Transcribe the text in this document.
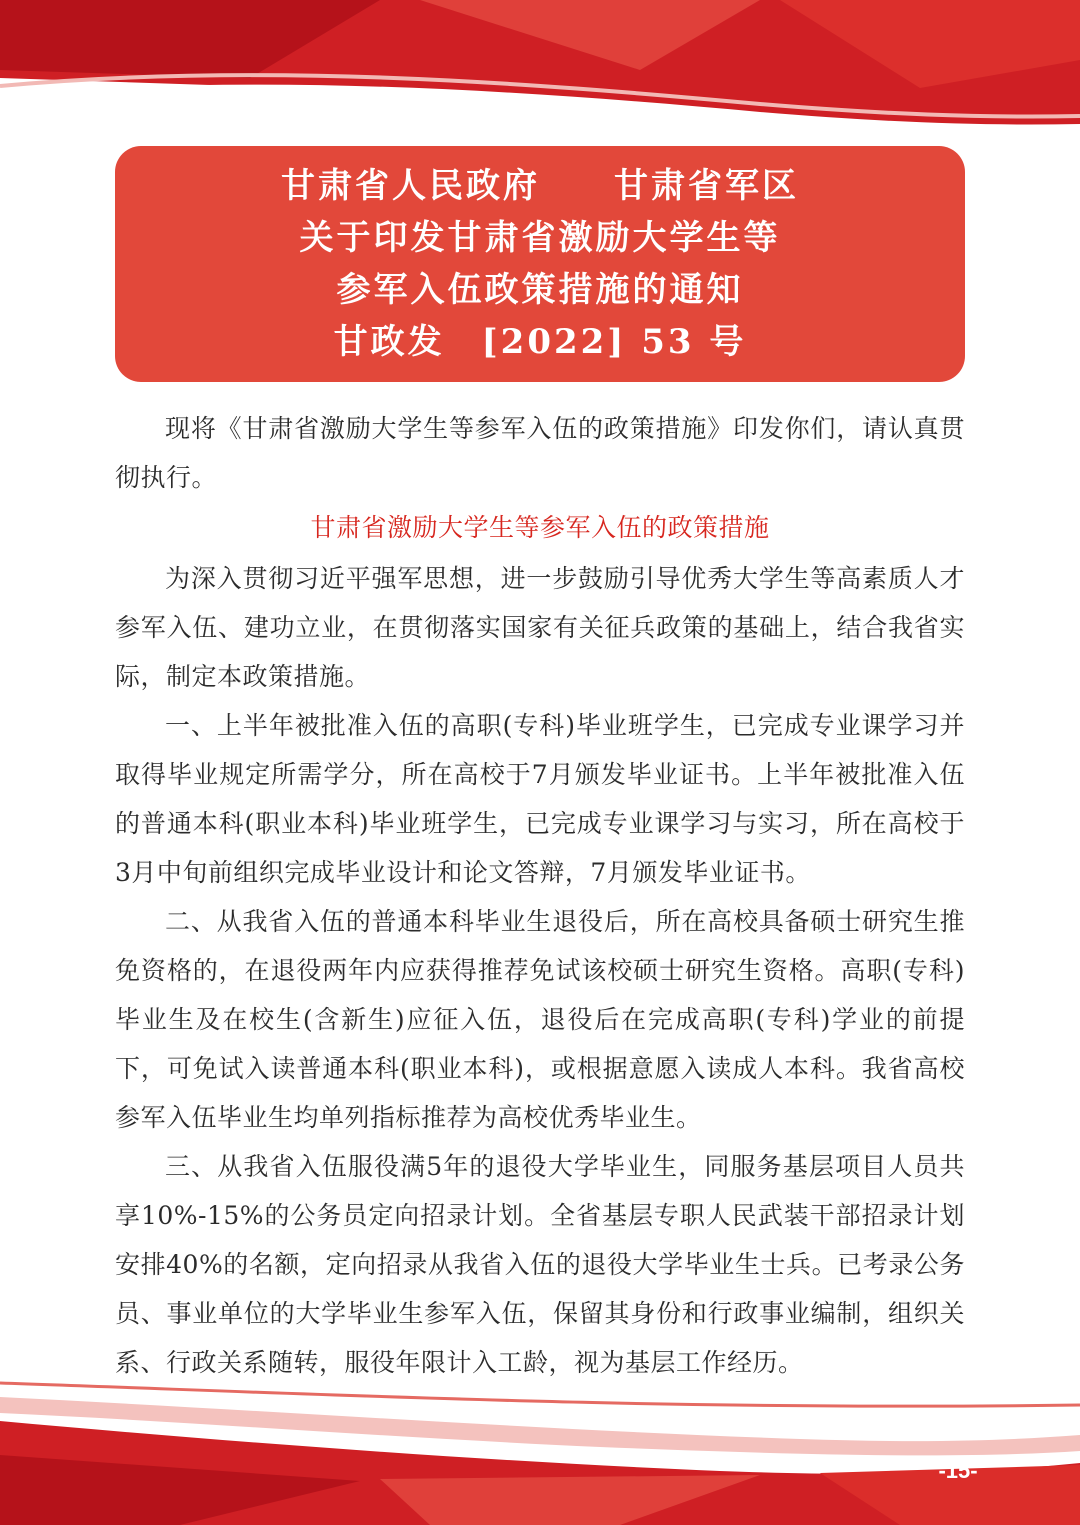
甘肃省人民政府　　甘肃省军区
关于印发甘肃省激励大学生等
参军入伍政策措施的通知
甘政发　[2022] 53 号

现将《甘肃省激励大学生等参军入伍的政策措施》印发你们，请认真贯彻执行。

甘肃省激励大学生等参军入伍的政策措施

为深入贯彻习近平强军思想，进一步鼓励引导优秀大学生等高素质人才参军入伍、建功立业，在贯彻落实国家有关征兵政策的基础上，结合我省实际，制定本政策措施。

一、上半年被批准入伍的高职(专科)毕业班学生，已完成专业课学习并取得毕业规定所需学分，所在高校于7月颁发毕业证书。上半年被批准入伍的普通本科(职业本科)毕业班学生，已完成专业课学习与实习，所在高校于3月中旬前组织完成毕业设计和论文答辩，7月颁发毕业证书。

二、从我省入伍的普通本科毕业生退役后，所在高校具备硕士研究生推免资格的，在退役两年内应获得推荐免试该校硕士研究生资格。高职(专科)毕业生及在校生(含新生)应征入伍，退役后在完成高职(专科)学业的前提下，可免试入读普通本科(职业本科)，或根据意愿入读成人本科。我省高校参军入伍毕业生均单列指标推荐为高校优秀毕业生。

三、从我省入伍服役满5年的退役大学毕业生，同服务基层项目人员共享10%-15%的公务员定向招录计划。全省基层专职人民武装干部招录计划安排40%的名额，定向招录从我省入伍的退役大学毕业生士兵。已考录公务员、事业单位的大学毕业生参军入伍，保留其身份和行政事业编制，组织关系、行政关系随转，服役年限计入工龄，视为基层工作经历。

-15-
